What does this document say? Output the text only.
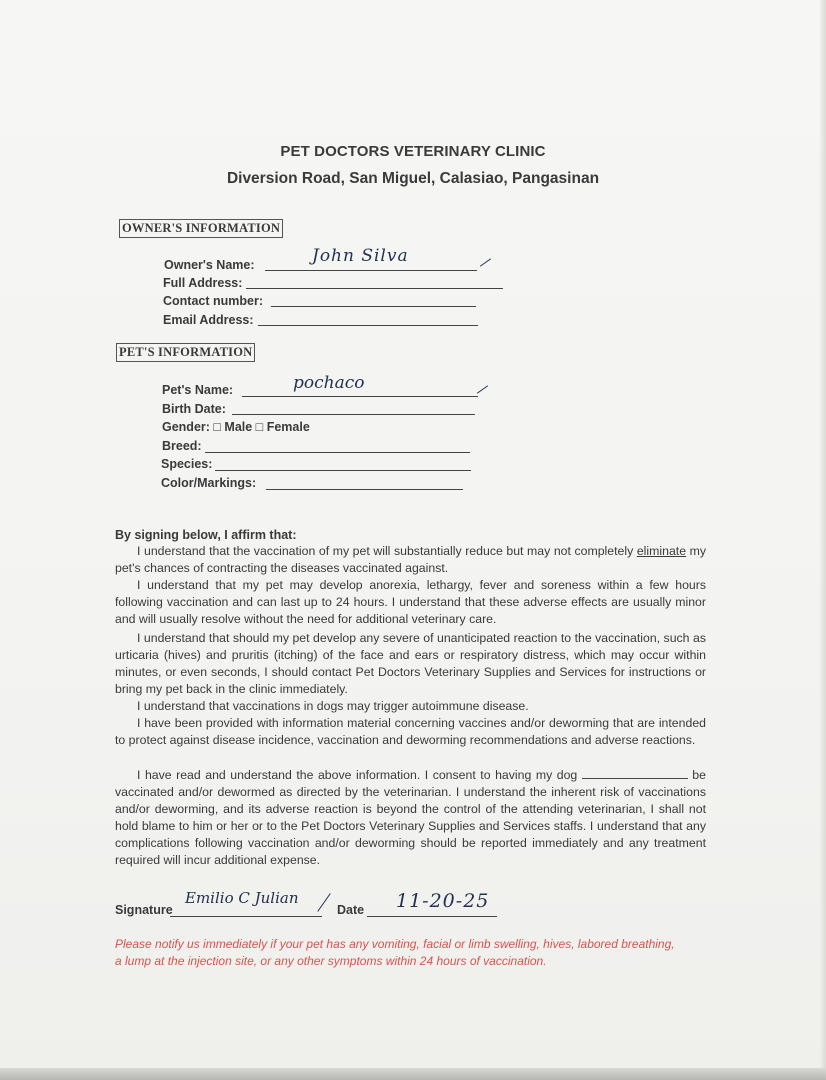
PET DOCTORS VETERINARY CLINIC
Diversion Road, San Miguel, Calasiao, Pangasinan
OWNER'S INFORMATION
Owner's Name:	John Silva
Full Address:
Contact number:
Email Address:
PET'S INFORMATION
Pet's Name:	pochaco
Birth Date:
Gender: □ Male □ Female
Breed:
Species:
Color/Markings:
By signing below, I affirm that:

I understand that the vaccination of my pet will substantially reduce but may not completely eliminate my pet's chances of contracting the diseases vaccinated against.

I understand that my pet may develop anorexia, lethargy, fever and soreness within a few hours following vaccination and can last up to 24 hours. I understand that these adverse effects are usually minor and will usually resolve without the need for additional veterinary care.

I understand that should my pet develop any severe of unanticipated reaction to the vaccination, such as urticaria (hives) and pruritis (itching) of the face and ears or respiratory distress, which may occur within minutes, or even seconds, I should contact Pet Doctors Veterinary Supplies and Services for instructions or bring my pet back in the clinic immediately.

I understand that vaccinations in dogs may trigger autoimmune disease.

I have been provided with information material concerning vaccines and/or deworming that are intended to protect against disease incidence, vaccination and deworming recommendations and adverse reactions.

I have read and understand the above information. I consent to having my dog	be vaccinated and/or dewormed as directed by the veterinarian. I understand the inherent risk of vaccinations and/or deworming, and its adverse reaction is beyond the control of the attending veterinarian, I shall not hold blame to him or her or to the Pet Doctors Veterinary Supplies and Services staffs. I understand that any complications following vaccination and/or deworming should be reported immediately and any treatment required will incur additional expense.

Signature
Emilio C Julian
Date 11-20-25
Please notify us immediately if your pet has any vomiting, facial or limb swelling, hives, labored breathing, a lump at the injection site, or any other symptoms within 24 hours of vaccination.
